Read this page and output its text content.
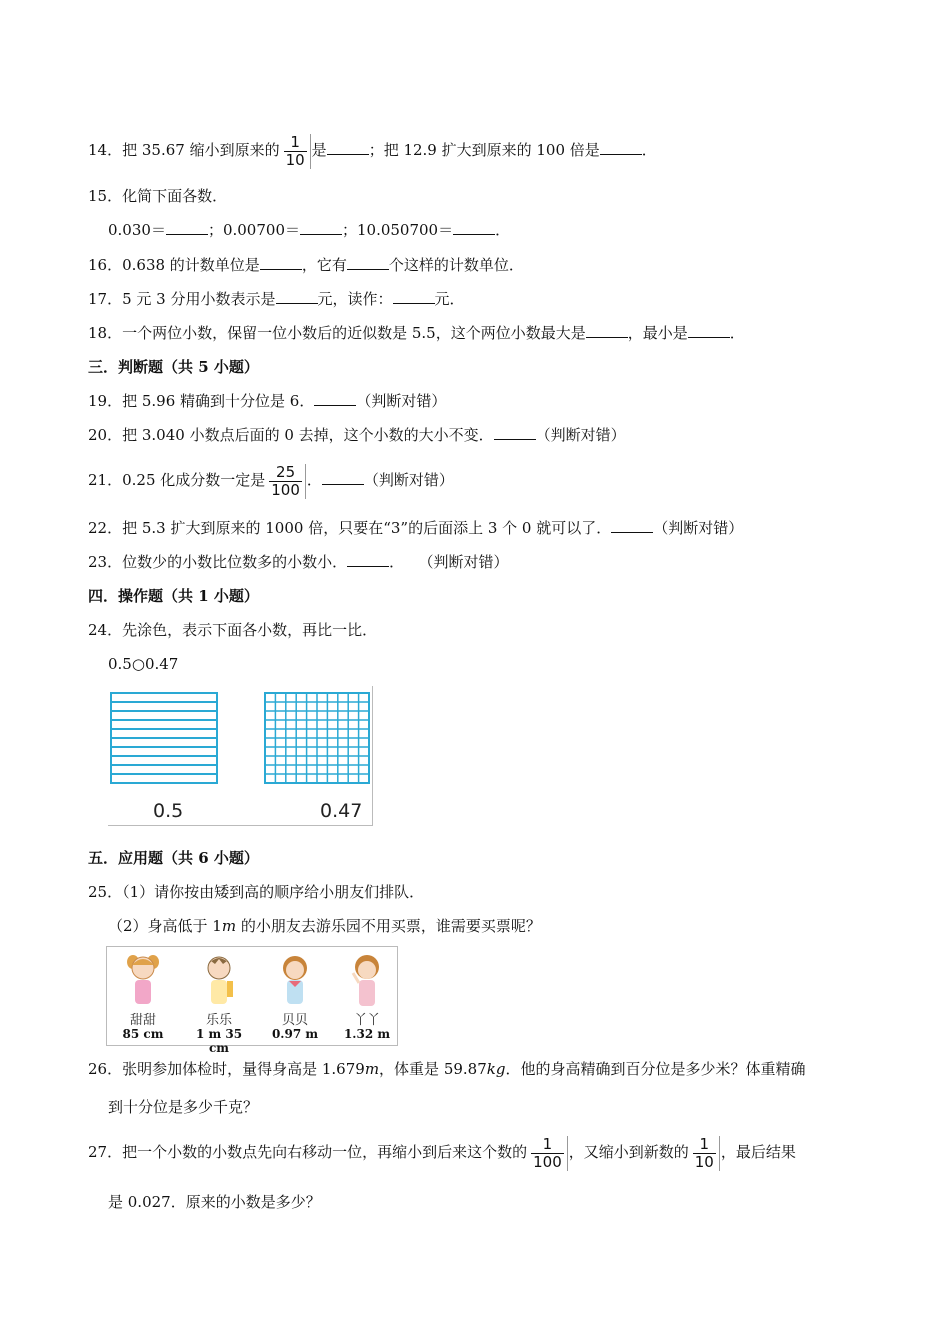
14．把 35.67 缩小到原来的 $\frac{1}{10}$ 是	；把 12.9 扩大到原来的 100 倍是	．
15．化简下面各数．
0.030＝	；0.00700＝	；10.050700＝	．
16．0.638 的计数单位是	，它有	个这样的计数单位．
17．5 元 3 分用小数表示是	元，读作：	元．
18．一个两位小数，保留一位小数后的近似数是 5.5，这个两位小数最大是	，最小是	．
三．判断题（共 5 小题）
19．把 5.96 精确到十分位是 6．	（判断对错）
20．把 3.040 小数点后面的 0 去掉，这个小数的大小不变．	（判断对错）
21．0.25 化成分数一定是 $\frac{25}{100}$ ．	（判断对错）
22．把 5.3 扩大到原来的 1000 倍，只要在“3”的后面添上 3 个 0 就可以了．	（判断对错）
23．位数少的小数比位数多的小数小．	． （判断对错）
四．操作题（共 1 小题）
24．先涂色，表示下面各小数，再比一比．
0.5○0.47
0.5	0.47
五．应用题（共 6 小题）
25．（1）请你按由矮到高的顺序给小朋友们排队．
（2）身高低于 1m 的小朋友去游乐园不用买票，谁需要买票呢？
甜甜
85 cm
乐乐
1 m 35 cm
贝贝
0.97 m
丫丫
1.32 m
26．张明参加体检时，量得身高是 1.679m，体重是 59.87kg．他的身高精确到百分位是多少米？体重精确
到十分位是多少千克？
27．把一个小数的小数点先向右移动一位，再缩小到后来这个数的 $\frac{1}{100}$ ，又缩小到新数的 $\frac{1}{10}$ ，最后结果
是 0.027．原来的小数是多少？
